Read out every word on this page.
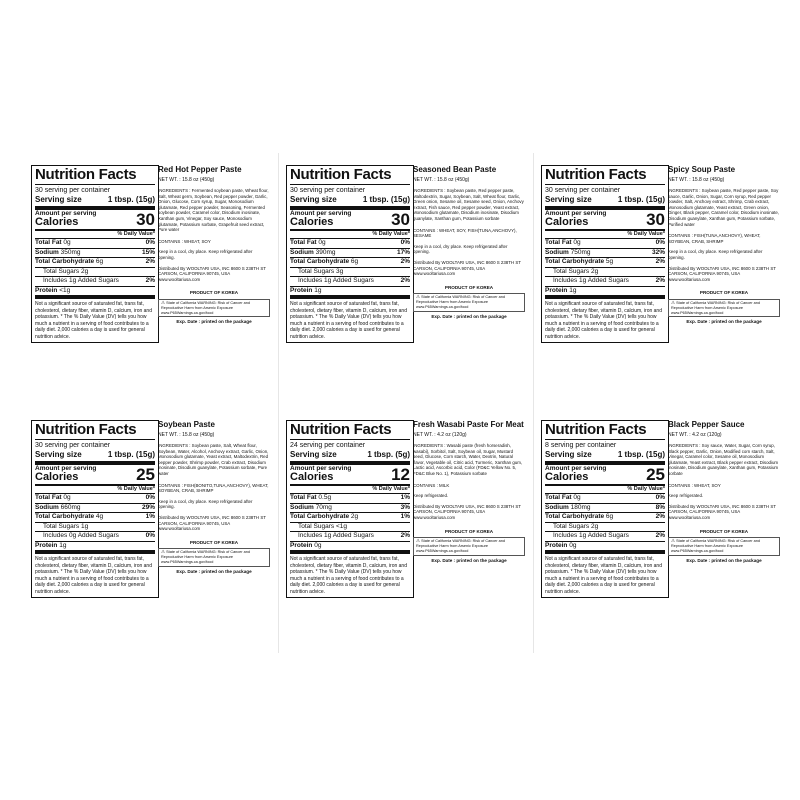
Nutrition Facts
30 serving per container
Serving size	1 tbsp. (15g)
Amount per serving
Calories	30
% Daily Value*
Total Fat 0g	0%
Sodium 350mg	15%
Total Carbohydrate 6g	2%
Total Sugars 2g
Includes 1g Added Sugars	2%
Protein <1g
Not a significant source of saturated fat, trans fat, cholesterol, dietary fiber, vitamin D, calcium, iron and potassium. * The % Daily Value (DV) tells you how much a nutrient in a serving of food contributes to a daily diet. 2,000 calories a day is used for general nutrition advice.
Red Hot Pepper Paste
NET WT. : 15.8 oz (450g)
INGREDIENTS : Fermented soybean paste, Wheat flour, Salt, Wheat germ, Soybean, Red pepper powder, Garlic, Onion, Glucose, Corn syrup, Sugar, Monosodium glutamate, Red pepper powder, Seasoning, Fermented soybean powder, Caramel color, Disodium inosinate, Xanthan gum, Vinegar, Soy sauce, Monosodium glutamate, Potassium sorbate, Grapefruit seed extract, Pure water
CONTAINS : WHEAT, SOY
Keep in a cool, dry place. Keep refrigerated after opening.
Distributed By WOOLTARI USA, INC 8600 S 238TH ST CARSON, CALIFORNIA 90745, USA www.wooltariusa.com
PRODUCT OF KOREA
⚠ State of California WARNING: Risk of Cancer and Reproductive Harm from Arsenic Exposure www.P65Warnings.ca.gov/food
Exp. Date : printed on the package
Nutrition Facts
30 serving per container
Serving size	1 tbsp. (15g)
Amount per serving
Calories	30
% Daily Value*
Total Fat 0g	0%
Sodium 390mg	17%
Total Carbohydrate 6g	2%
Total Sugars 3g
Includes 1g Added Sugars	2%
Protein 1g
Not a significant source of saturated fat, trans fat, cholesterol, dietary fiber, vitamin D, calcium, iron and potassium. * The % Daily Value (DV) tells you how much a nutrient in a serving of food contributes to a daily diet. 2,000 calories a day is used for general nutrition advice.
Seasoned Bean Paste
NET WT. : 15.8 oz (450g)
INGREDIENTS : Soybean paste, Red pepper paste, Maltodextrin, Sugar, Soybean, Salt, Wheat flour, Garlic, Green onion, Sesame oil, Sesame seed, Onion, Anchovy extract, Fish sauce, Red pepper powder, Yeast extract, Monosodium glutamate, Disodium inosinate, Disodium guanylate, Xanthan gum, Potassium sorbate
CONTAINS : WHEAT, SOY, FISH(TUNA,ANCHOVY), SESAME
Keep in a cool, dry place. Keep refrigerated after opening.
Distributed By WOOLTARI USA, INC 8600 S 238TH ST CARSON, CALIFORNIA 90745, USA www.wooltariusa.com
PRODUCT OF KOREA
⚠ State of California WARNING: Risk of Cancer and Reproductive Harm from Arsenic Exposure www.P65Warnings.ca.gov/food
Exp. Date : printed on the package
Nutrition Facts
30 serving per container
Serving size	1 tbsp. (15g)
Amount per serving
Calories	30
% Daily Value*
Total Fat 0g	0%
Sodium 750mg	32%
Total Carbohydrate 5g	2%
Total Sugars 2g
Includes 1g Added Sugars	2%
Protein 1g
Not a significant source of saturated fat, trans fat, cholesterol, dietary fiber, vitamin D, calcium, iron and potassium. * The % Daily Value (DV) tells you how much a nutrient in a serving of food contributes to a daily diet. 2,000 calories a day is used for general nutrition advice.
Spicy Soup Paste
NET WT. : 15.8 oz (450g)
INGREDIENTS : Soybean paste, Red pepper paste, Soy sauce, Garlic, Onion, Sugar, Corn syrup, Red pepper powder, Salt, Anchovy extract, Shrimp, Crab extract, Monosodium glutamate, Yeast extract, Green onion, Ginger, Black pepper, Caramel color, Disodium inosinate, Disodium guanylate, Xanthan gum, Potassium sorbate, Purified water
CONTAINS : FISH(TUNA,ANCHOVY), WHEAT, SOYBEAN, CRAB, SHRIMP
Keep in a cool, dry place. Keep refrigerated after opening.
Distributed By WOOLTARI USA, INC 8600 S 238TH ST CARSON, CALIFORNIA 90745, USA www.wooltariusa.com
PRODUCT OF KOREA
⚠ State of California WARNING: Risk of Cancer and Reproductive Harm from Arsenic Exposure www.P65Warnings.ca.gov/food
Exp. Date : printed on the package
Nutrition Facts
30 serving per container
Serving size	1 tbsp. (15g)
Amount per serving
Calories	25
% Daily Value*
Total Fat 0g	0%
Sodium 660mg	29%
Total Carbohydrate 4g	1%
Total Sugars 1g
Includes 0g Added Sugars	0%
Protein 1g
Not a significant source of saturated fat, trans fat, cholesterol, dietary fiber, vitamin D, calcium, iron and potassium. * The % Daily Value (DV) tells you how much a nutrient in a serving of food contributes to a daily diet. 2,000 calories a day is used for general nutrition advice.
Soybean Paste
NET WT. : 15.8 oz (450g)
INGREDIENTS : Soybean paste, Salt, Wheat flour, Soybean, Water, Alcohol, Anchovy extract, Garlic, Onion, Monosodium glutamate, Yeast extract, Maltodextrin, Red pepper powder, Shrimp powder, Crab extract, Disodium inosinate, Disodium guanylate, Potassium sorbate, Pure water
CONTAINS : FISH(BONITO,TUNA,ANCHOVY), WHEAT, SOYBEAN, CRAB, SHRIMP
Keep in a cool, dry place. Keep refrigerated after opening.
Distributed By WOOLTARI USA, INC 8600 S 238TH ST CARSON, CALIFORNIA 90745, USA www.wooltariusa.com
PRODUCT OF KOREA
⚠ State of California WARNING: Risk of Cancer and Reproductive Harm from Arsenic Exposure www.P65Warnings.ca.gov/food
Exp. Date : printed on the package
Nutrition Facts
24 serving per container
Serving size	1 tbsp. (5g)
Amount per serving
Calories	12
% Daily Value*
Total Fat 0.5g	1%
Sodium 70mg	3%
Total Carbohydrate 2g	1%
Total Sugars <1g
Includes 1g Added Sugars	2%
Protein 0g
Not a significant source of saturated fat, trans fat, cholesterol, dietary fiber, vitamin D, calcium, iron and potassium. * The % Daily Value (DV) tells you how much a nutrient in a serving of food contributes to a daily diet. 2,000 calories a day is used for general nutrition advice.
Fresh Wasabi Paste For Meat
NET WT. : 4.2 oz (120g)
INGREDIENTS : Wasabi paste (fresh horseradish, wasabi), Sorbitol, Salt, Soybean oil, Sugar, Mustard seed, Glucose, Corn starch, Water, Dextrin, Natural flavor, Vegetable oil, Citric acid, Turmeric, Xanthan gum, Lactic acid, Ascorbic acid, Color (FD&C Yellow No. 5, FD&C Blue No. 1), Potassium sorbate
CONTAINS : MILK
Keep refrigerated.
Distributed By WOOLTARI USA, INC 8600 S 238TH ST CARSON, CALIFORNIA 90745, USA www.wooltariusa.com
PRODUCT OF KOREA
⚠ State of California WARNING: Risk of Cancer and Reproductive Harm from Arsenic Exposure www.P65Warnings.ca.gov/food
Exp. Date : printed on the package
Nutrition Facts
8 serving per container
Serving size	1 tbsp. (15g)
Amount per serving
Calories	25
% Daily Value*
Total Fat 0g	0%
Sodium 180mg	8%
Total Carbohydrate 6g	2%
Total Sugars 2g
Includes 1g Added Sugars	2%
Protein 0g
Not a significant source of saturated fat, trans fat, cholesterol, dietary fiber, vitamin D, calcium, iron and potassium. * The % Daily Value (DV) tells you how much a nutrient in a serving of food contributes to a daily diet. 2,000 calories a day is used for general nutrition advice.
Black Pepper Sauce
NET WT. : 4.2 oz (120g)
INGREDIENTS : Soy sauce, Water, Sugar, Corn syrup, Black pepper, Garlic, Onion, Modified corn starch, Salt, Vinegar, Caramel color, Sesame oil, Monosodium glutamate, Yeast extract, Black pepper extract, Disodium inosinate, Disodium guanylate, Xanthan gum, Potassium sorbate
CONTAINS : WHEAT, SOY
Keep refrigerated.
Distributed By WOOLTARI USA, INC 8600 S 238TH ST CARSON, CALIFORNIA 90745, USA www.wooltariusa.com
PRODUCT OF KOREA
⚠ State of California WARNING: Risk of Cancer and Reproductive Harm from Arsenic Exposure www.P65Warnings.ca.gov/food
Exp. Date : printed on the package
